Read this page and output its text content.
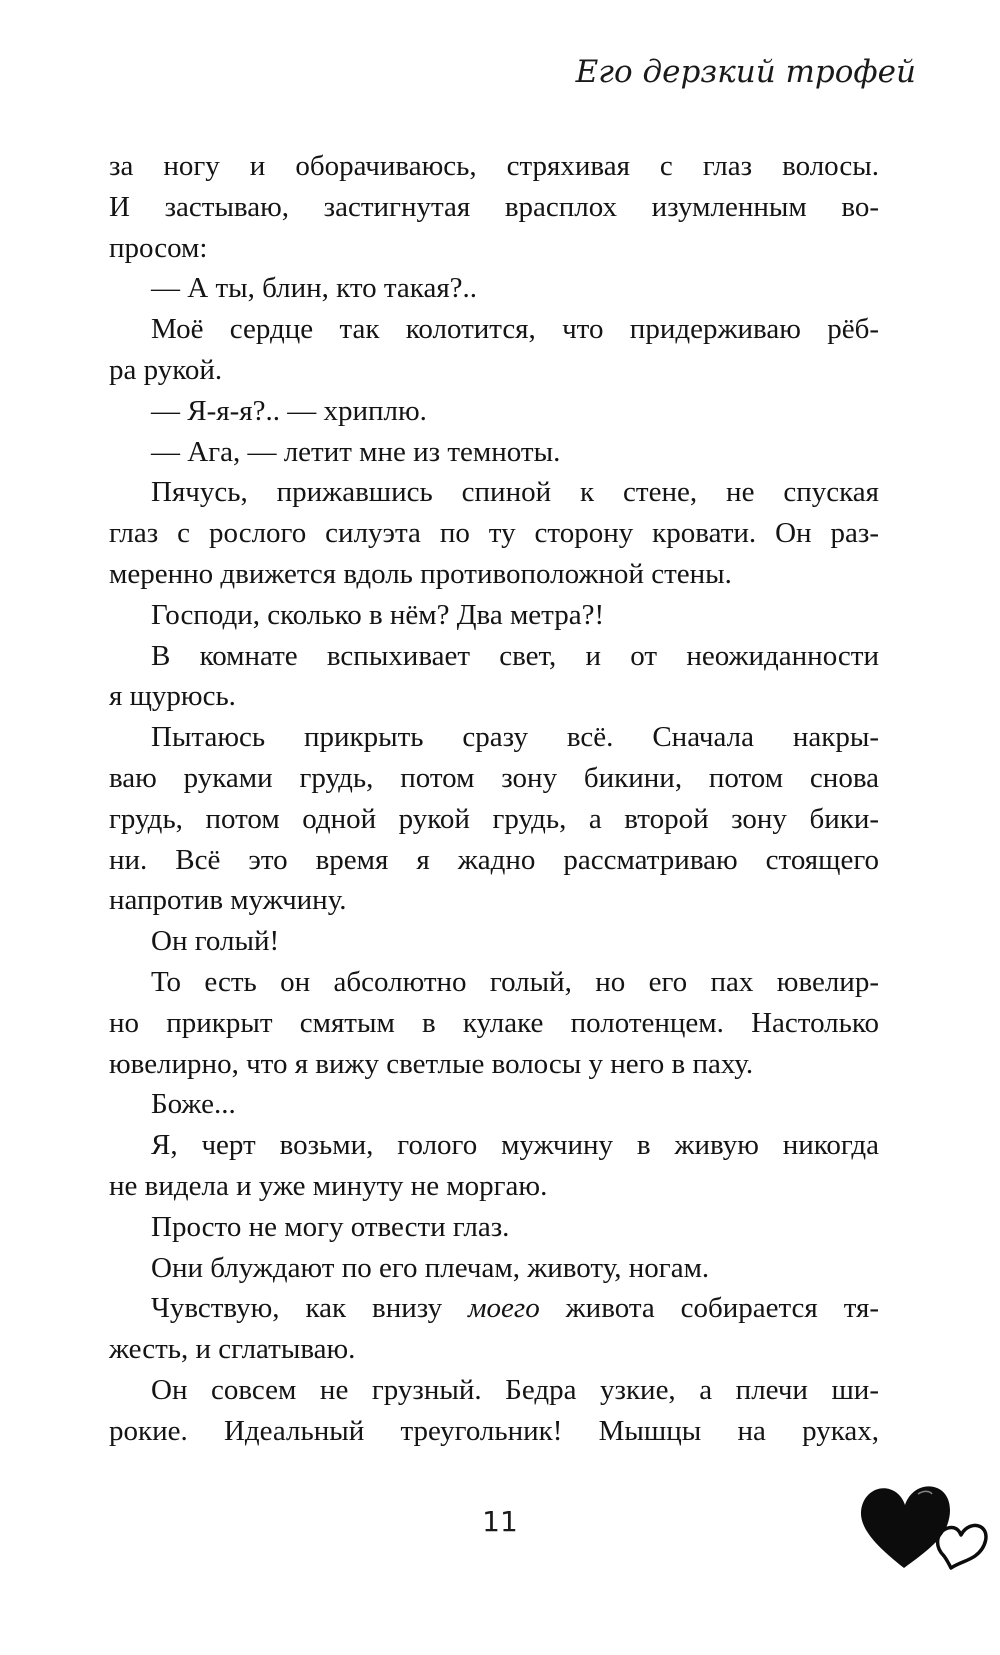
Его дерзкий трофей
за ногу и оборачиваюсь, стряхивая с глаз волосы.
И застываю, застигнутая врасплох изумленным во-
просом:
— А ты, блин, кто такая?..
Моё сердце так колотится, что придерживаю рёб-
ра рукой.
— Я-я-я?.. — хриплю.
— Ага, — летит мне из темноты.
Пячусь, прижавшись спиной к стене, не спуская
глаз с рослого силуэта по ту сторону кровати. Он раз-
меренно движется вдоль противоположной стены.
Господи, сколько в нём? Два метра?!
В комнате вспыхивает свет, и от неожиданности
я щурюсь.
Пытаюсь прикрыть сразу всё. Сначала накры-
ваю руками грудь, потом зону бикини, потом снова
грудь, потом одной рукой грудь, а второй зону бики-
ни. Всё это время я жадно рассматриваю стоящего
напротив мужчину.
Он голый!
То есть он абсолютно голый, но его пах ювелир-
но прикрыт смятым в кулаке полотенцем. Настолько
ювелирно, что я вижу светлые волосы у него в паху.
Боже...
Я, черт возьми, голого мужчину в живую никогда
не видела и уже минуту не моргаю.
Просто не могу отвести глаз.
Они блуждают по его плечам, животу, ногам.
Чувствую, как внизу моего живота собирается тя-
жесть, и сглатываю.
Он совсем не грузный. Бедра узкие, а плечи ши-
рокие. Идеальный треугольник! Мышцы на руках,
11
